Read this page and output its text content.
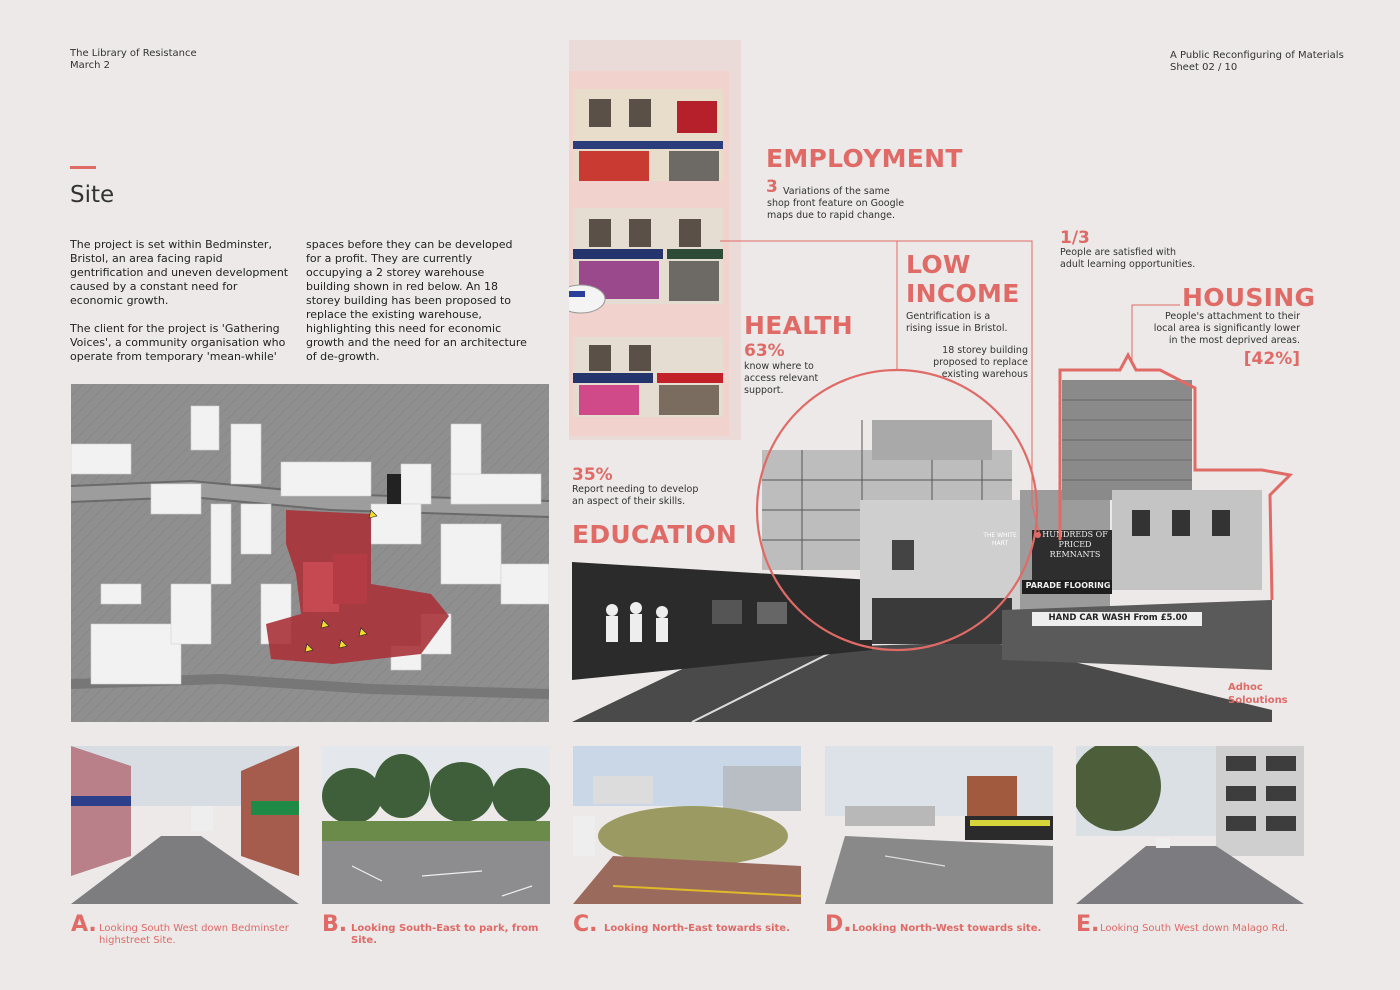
The Library of Resistance
March 2
A Public Reconfiguring of Materials
Sheet 02 / 10
Site

The project is set within Bedminster, Bristol, an area facing rapid gentrification and uneven development caused by a constant need for economic growth.

The client for the project is 'Gathering Voices', a community organisation who operate from temporary 'mean-while'

spaces before they can be developed for a profit. They are currently occupying a 2 storey warehouse building shown in red below. An 18 storey building has been proposed to replace the existing warehouse, highlighting this need for economic growth and the need for an architecture of de-growth.
HUNDREDS OF PRICED REMNANTS
PARADE FLOORING
HAND CAR WASH From £5.00
THE WHITE HART
EMPLOYMENT
3 Variations of the same shop front feature on Google maps due to rapid change.
LOW
INCOME
Gentrification is a rising issue in Bristol.
18 storey building proposed to replace existing warehous
1/3
People are satisfied with adult learning opportunities.
HOUSING
People's attachment to their local area is significantly lower in the most deprived areas.
[42%]
HEALTH
63%
know where to access relevant support.
35%
Report needing to develop an aspect of their skills.
EDUCATION
Adhoc
Soloutions
A. Looking South West down Bedminster highstreet Site.
B. Looking South-East to park, from Site.
C. Looking North-East towards site.	D. Looking North-West towards site.	E. Looking South West down Malago Rd.
